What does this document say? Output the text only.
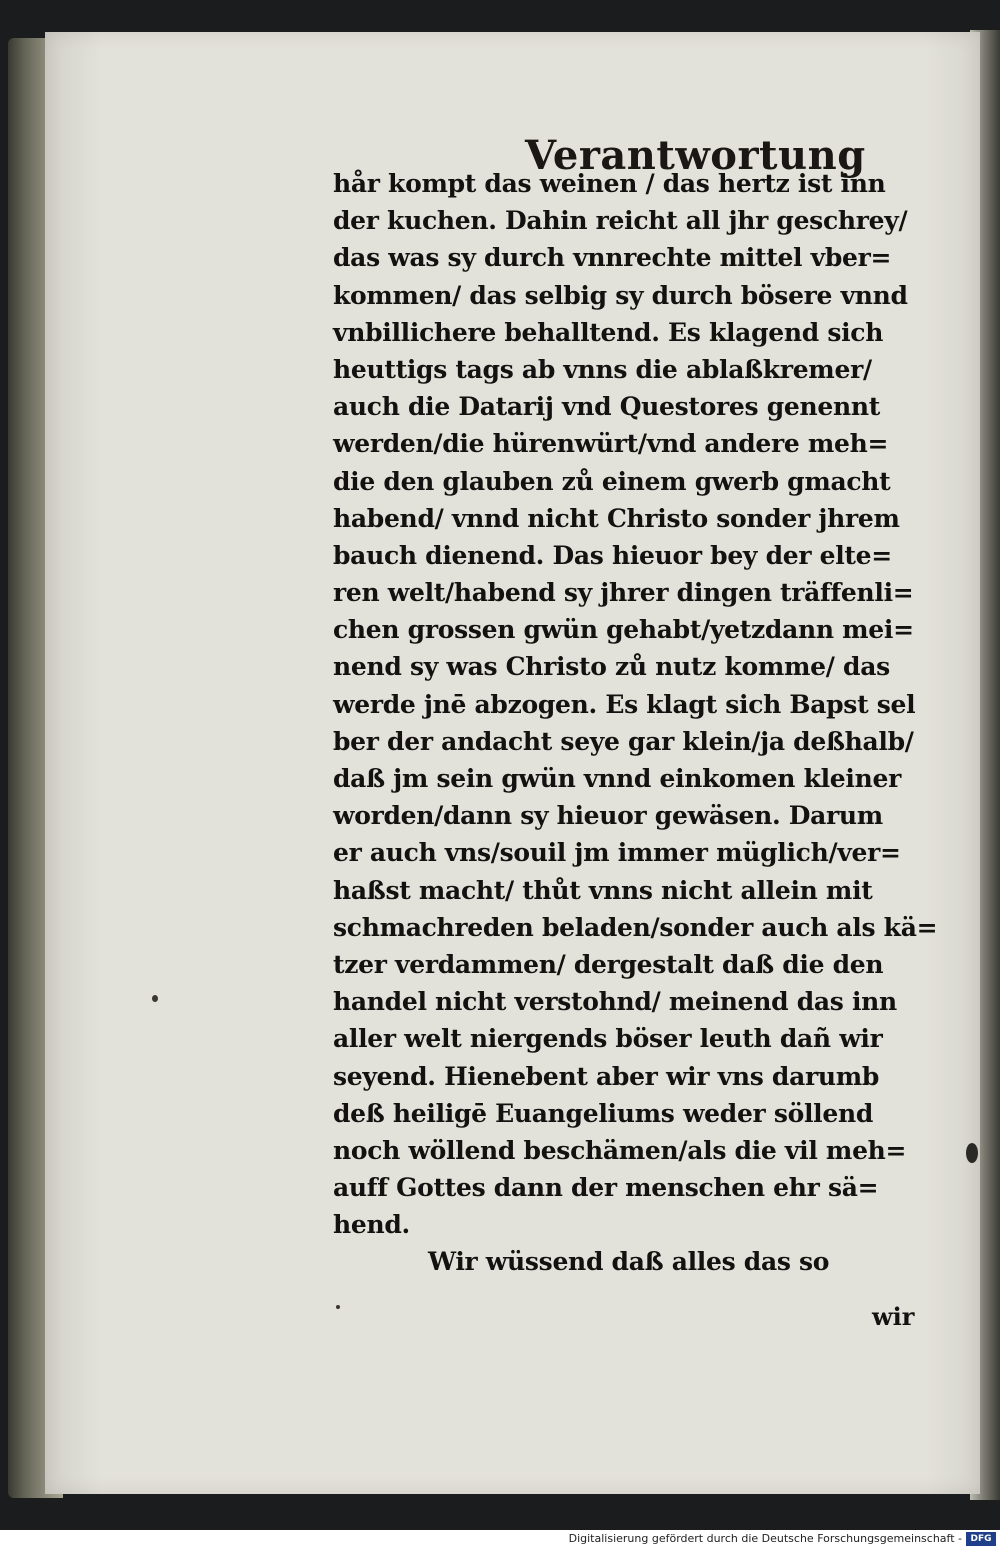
Verantwortung
hår kompt das weinen / das hertz ist inn
der kuchen. Dahin reicht all jhr geschrey/
das was sy durch vnnrechte mittel vber=
kommen/ das selbig sy durch bösere vnnd
vnbillichere behalltend. Es klagend sich
heuttigs tags ab vnns die ablaßkremer/
auch die Datarij vnd Questores genennt
werden/die hürenwürt/vnd andere meh=
die den glauben zů einem gwerb gmacht
habend/ vnnd nicht Christo sonder jhrem
bauch dienend. Das hieuor bey der elte=
ren welt/habend sy jhrer dingen träffenli=
chen grossen gwün gehabt/yetzdann mei=
nend sy was Christo zů nutz komme/ das
werde jnē abzogen. Es klagt sich Bapst sel
ber der andacht seye gar klein/ja deßhalb/
daß jm sein gwün vnnd einkomen kleiner
worden/dann sy hieuor gewäsen. Darum
er auch vns/souil jm immer müglich/ver=
haßst macht/ thůt vnns nicht allein mit
schmachreden beladen/sonder auch als kä=
tzer verdammen/ dergestalt daß die den
handel nicht verstohnd/ meinend das inn
aller welt niergends böser leuth dañ wir
seyend. Hienebent aber wir vns darumb
deß heiligē Euangeliums weder söllend
noch wöllend beschämen/als die vil meh=
auff Gottes dann der menschen ehr sä=
hend.
Wir wüssend daß alles das so

wir

Digitalisierung gefördert durch die Deutsche Forschungsgemeinschaft - DFG
